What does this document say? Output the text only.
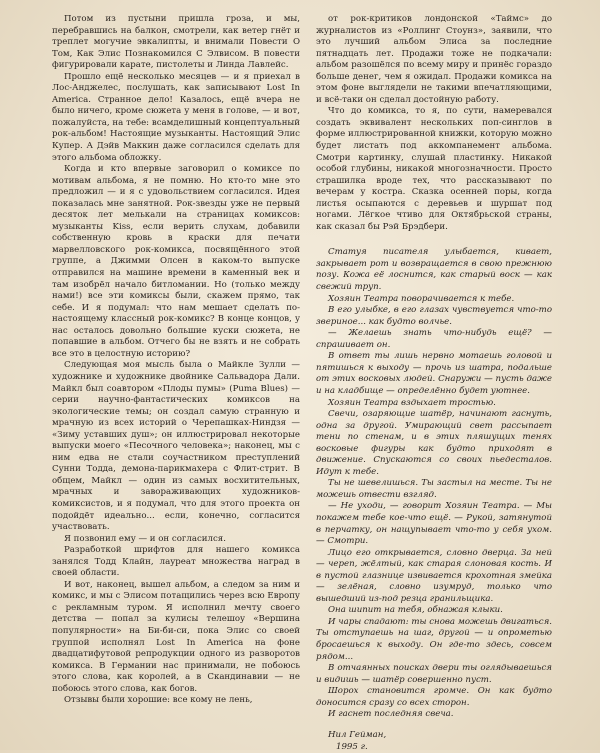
Потом из пустыни пришла гроза, и мы, перебравшись на балкон, смотрели, как ветер гнёт и треплет могучие эвкалипты, и внимали Повести О Том, Как Элис Познакомился С Элвисом. В повести фигурировали карате, пистолеты и Линда Лавлейс.

Прошло ещё несколько месяцев — и я приехал в Лос-Анджелес, послушать, как записывают Lost In America. Странное дело! Казалось, ещё вчера не было ничего, кроме сюжета у меня в голове, — и вот, пожалуйста, на тебе: всамделишный концептуальный рок-альбом! Настоящие музыканты. Настоящий Элис Купер. А Дэйв Маккин даже согласился сделать для этого альбома обложку.

Когда и кто впервые заговорил о комиксе по мотивам альбома, я не помню. Но кто-то мне это предложил — и я с удовольствием согласился. Идея показалась мне занятной. Рок-звезды уже не первый десяток лет мелькали на страницах комиксов: музыканты Kiss, если верить слухам, добавили собственную кровь в краски для печати марвелловского рок-комикса, посвящённого этой группе, а Джимми Олсен в каком-то выпуске отправился на машине времени в каменный век и там изобрёл начало битломании. Но (только между нами!) все эти комиксы были, скажем прямо, так себе. И я подумал: что нам мешает сделать по-настоящему классный рок-комикс? В конце концов, у нас осталось довольно большие куски сюжета, не попавшие в альбом. Отчего бы не взять и не собрать все это в целостную историю?

Следующая моя мысль была о Майкле Зулли — художнике и художнике двойнике Сальвадора Дали. Майкл был соавтором «Плоды пумы» (Puma Blues) — серии научно-фантастических комиксов на экологические темы; он создал самую странную и мрачную из всех историй о Черепашках-Ниндзя — «Зиму уставших душ»; он иллюстрировал некоторые выпуски моего «Песочного человека»; наконец, мы с ним едва не стали соучастником преступлений Сунни Тодда, демона-парикмахера с Флит-стрит. В общем, Майкл — один из самых восхитительных, мрачных и завораживающих художников-комиксистов, и я подумал, что для этого проекта он подойдёт идеально... если, конечно, согласится участвовать.

Я позвонил ему — и он согласился.

Разработкой шрифтов для нашего комикса занялся Тодд Клайн, лауреат множества наград в своей области.

И вот, наконец, вышел альбом, а следом за ним и комикс, и мы с Элисом потащились через всю Европу с рекламным туром. Я исполнил мечту своего детства — попал за кулисы телешоу «Вершина популярности» на Би-би-си, пока Элис со своей группой исполнял Lost In America на фоне двадцатифутовой репродукции одного из разворотов комикса. В Германии нас принимали, не побоюсь этого слова, как королей, а в Скандинавии — не побоюсь этого слова, как богов.

Отзывы были хорошие: все кому не лень,

от рок-критиков лондонской «Таймс» до журналистов из «Роллинг Стоунз», заявили, что это лучший альбом Элиса за последние пятнадцать лет. Продажи тоже не подкачали: альбом разошёлся по всему миру и принёс гораздо больше денег, чем я ожидал. Продажи комикса на этом фоне выглядели не такими впечатляющими, и всё-таки он сделал достойную работу.

Что до комикса, то я, по сути, намеревался создать эквивалент нескольких поп-синглов в форме иллюстрированной книжки, которую можно будет листать под аккомпанемент альбома. Смотри картинку, слушай пластинку. Никакой особой глубины, никакой многозначности. Просто страшилка вроде тех, что рассказывают по вечерам у костра. Сказка осенней поры, когда листья осыпаются с деревьев и шуршат под ногами. Лёгкое чтиво для Октябрьской страны, как сказал бы Рэй Брэдбери.

Статуя писателя улыбается, кивает, закрывает рот и возвращается в свою прежнюю позу. Кожа её лоснится, как старый воск — как свежий труп.

Хозяин Театра поворачивается к тебе.

В его улыбке, в его глазах чувствуется что-то звериное... как будто волчье.

— Желаешь знать что-нибудь ещё? — спрашивает он.

В ответ ты лишь нервно мотаешь головой и пятишься к выходу — прочь из шатра, подальше от этих восковых людей. Снаружи — пусть даже и на кладбище — определённо будет уютнее.

Хозяин Театра вздыхает тростью.

Свечи, озаряющие шатёр, начинают гаснуть, одна за другой. Умирающий свет рассыпает тени по стенам, и в этих пляшущих тенях восковые фигуры как будто приходят в движение. Спускаются со своих пьедесталов. Идут к тебе.

Ты не шевелишься. Ты застыл на месте. Ты не можешь отвести взгляд.

— Не уходи, — говорит Хозяин Театра. — Мы покажем тебе кое-что ещё. — Рукой, затянутой в перчатку, он нащупывает что-то у себя ухом. — Смотри.

Лицо его открывается, словно дверца. За ней — череп, жёлтый, как старая слоновая кость. И в пустой глазнице извивается крохотная змейка — зелёная, словно изумруд, только что вышедший из-под резца гранильщика.

Она шипит на тебя, обнажая клыки.

И чары спадают: ты снова можешь двигаться. Ты отступаешь на шаг, другой — и опрометью бросаешься к выходу. Он где-то здесь, совсем рядом...

В отчаянных поисках двери ты оглядываешься и видишь — шатёр совершенно пуст.

Шорох становится громче. Он как будто доносится сразу со всех сторон.

И гаснет последняя свеча.

Нил Гейман,
1995 г.
